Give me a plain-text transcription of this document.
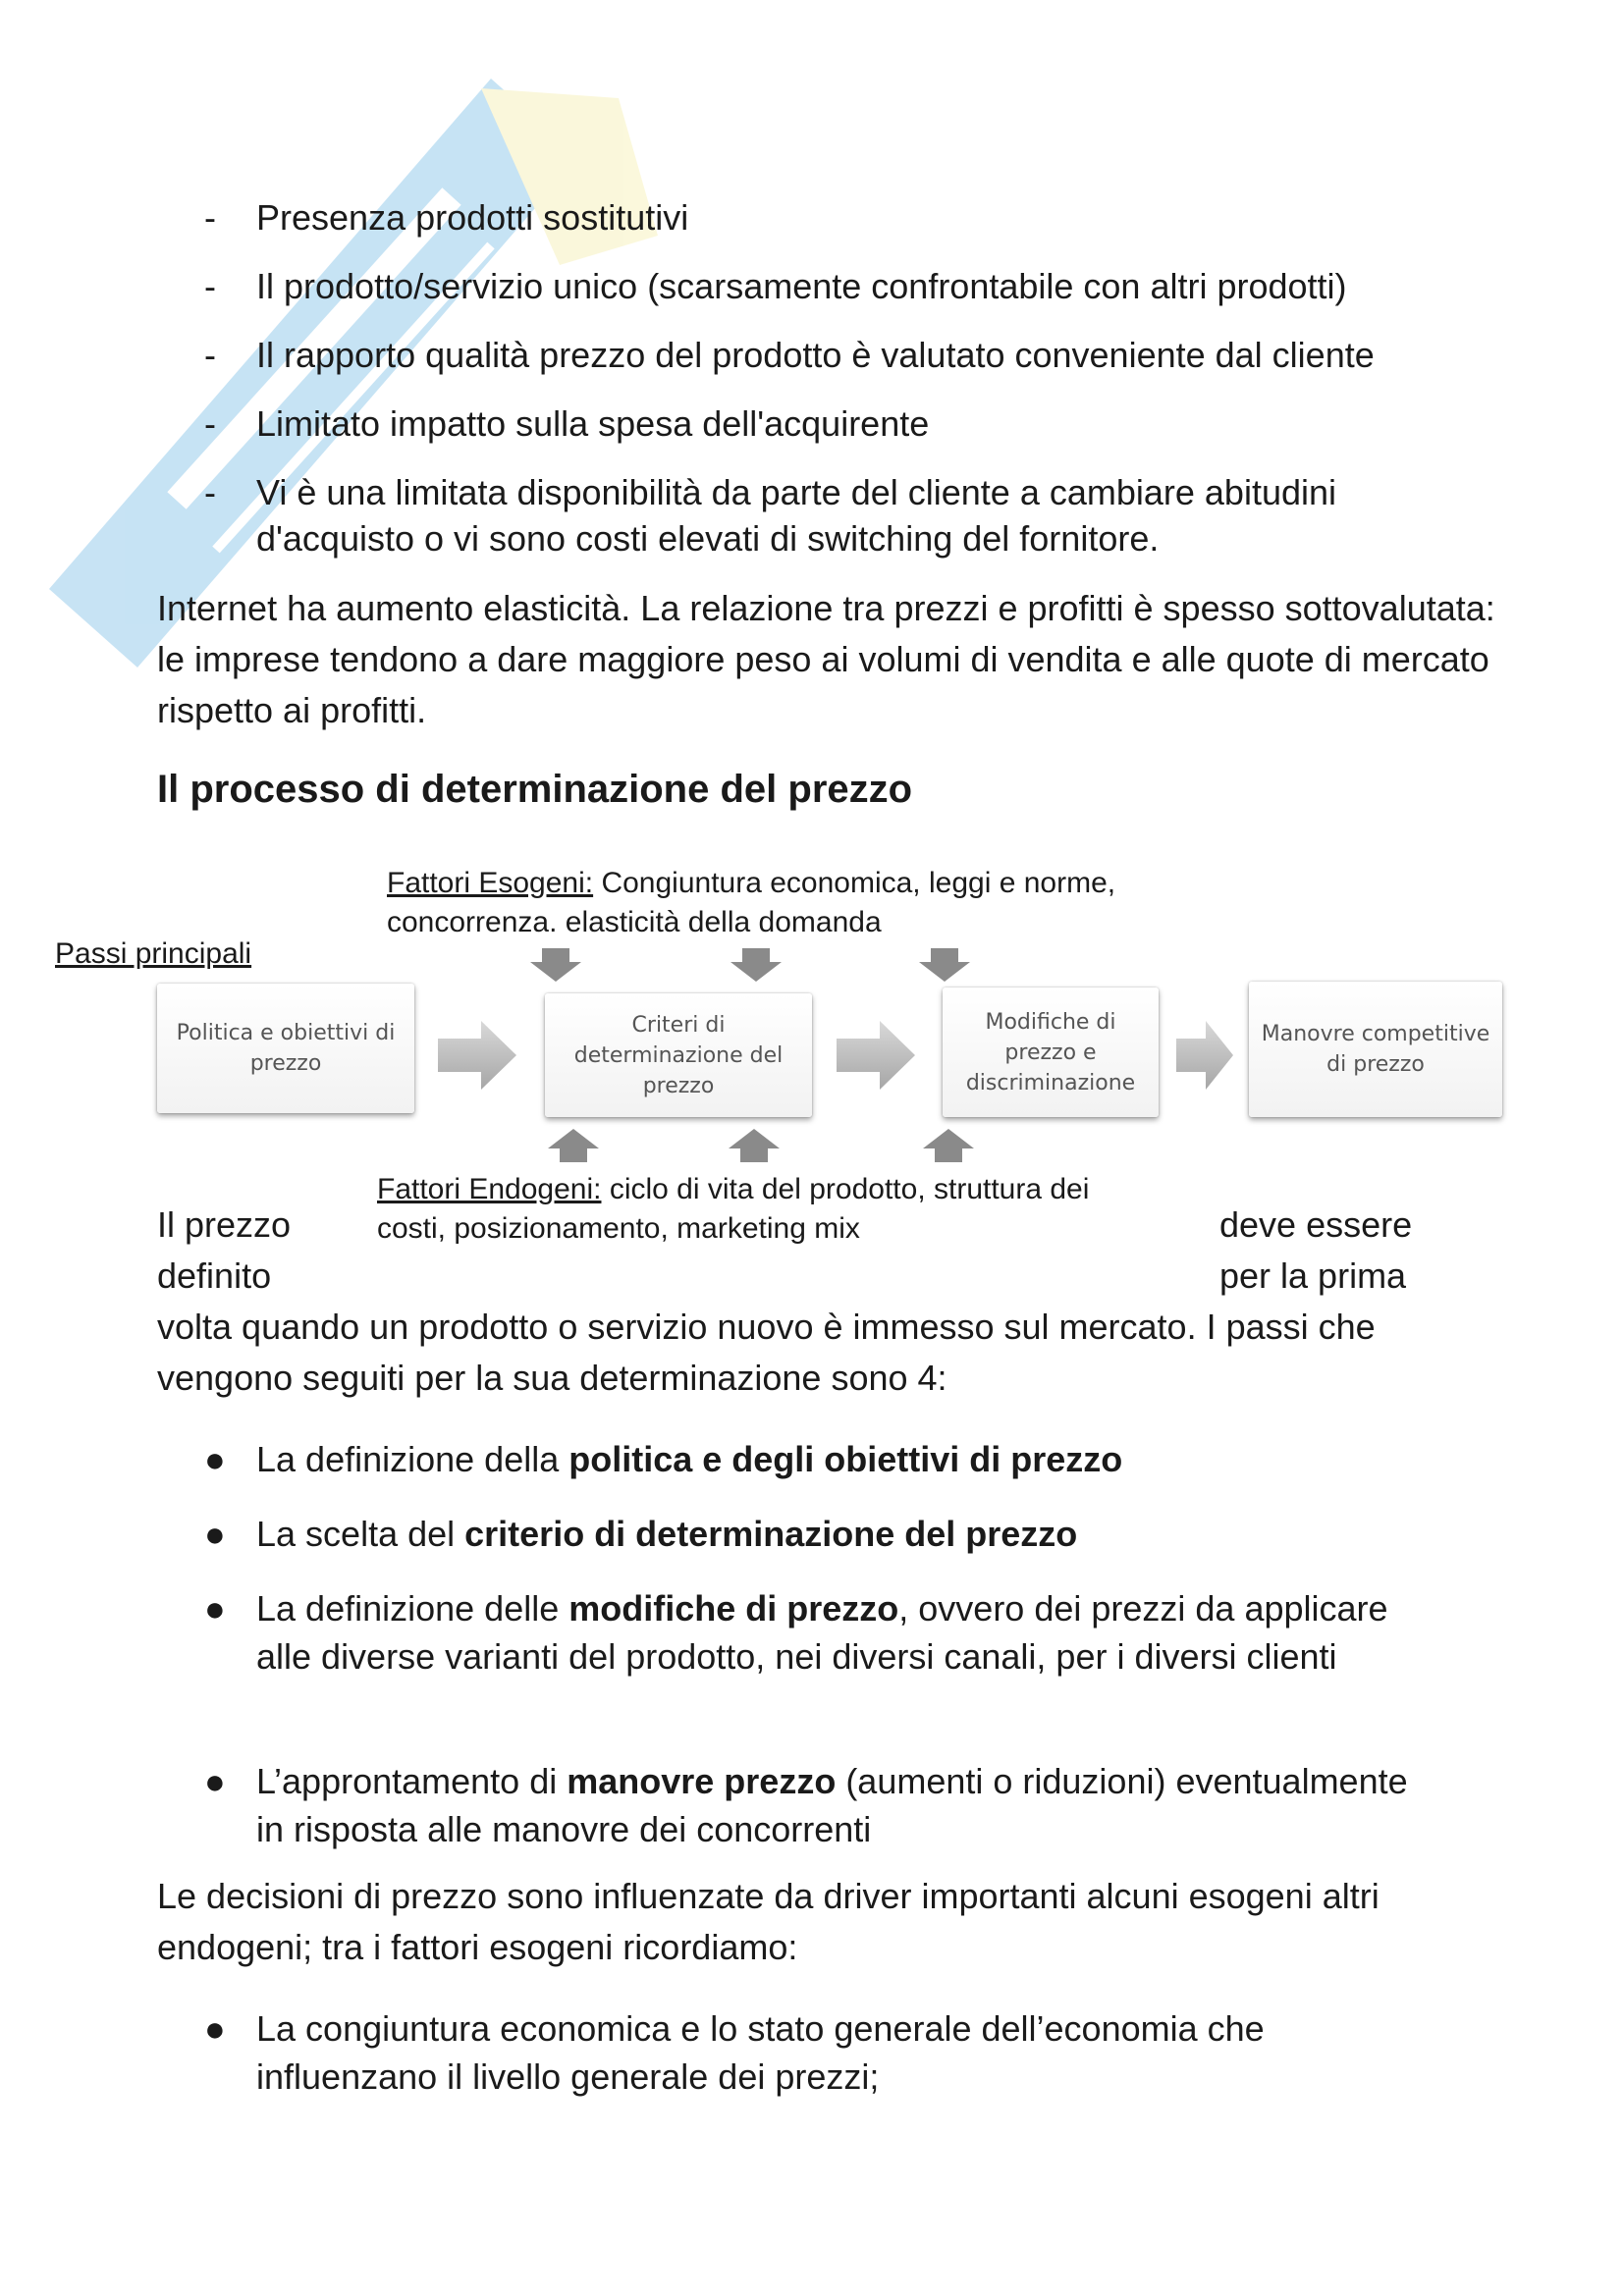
- Presenza prodotti sostitutivi
- Il prodotto/servizio unico (scarsamente confrontabile con altri prodotti)
- Il rapporto qualità prezzo del prodotto è valutato conveniente dal cliente
- Limitato impatto sulla spesa dell'acquirente
- Vi è una limitata disponibilità da parte del cliente a cambiare abitudini d'acquisto o vi sono costi elevati di switching del fornitore.
Internet ha aumento elasticità. La relazione tra prezzi e profitti è spesso sottovalutata: le imprese tendono a dare maggiore peso ai volumi di vendita e alle quote di mercato rispetto ai profitti.
Il processo di determinazione del prezzo
Fattori Esogeni: Congiuntura economica, leggi e norme, concorrenza. elasticità della domanda
Passi principali
Politica e obiettivi di prezzo
Criteri di determinazione del prezzo
Modifiche di prezzo e discriminazione
Manovre competitive di prezzo
Fattori Endogeni: ciclo di vita del prodotto, struttura dei costi, posizionamento, marketing mix
Il prezzo	deve essere
definito	per la prima
volta quando un prodotto o servizio nuovo è immesso sul mercato. I passi che vengono seguiti per la sua determinazione sono 4:
● La definizione della politica e degli obiettivi di prezzo
● La scelta del criterio di determinazione del prezzo
● La definizione delle modifiche di prezzo, ovvero dei prezzi da applicare alle diverse varianti del prodotto, nei diversi canali, per i diversi clienti
● L’approntamento di manovre prezzo (aumenti o riduzioni) eventualmente in risposta alle manovre dei concorrenti
Le decisioni di prezzo sono influenzate da driver importanti alcuni esogeni altri endogeni; tra i fattori esogeni ricordiamo:
● La congiuntura economica e lo stato generale dell’economia che influenzano il livello generale dei prezzi;
